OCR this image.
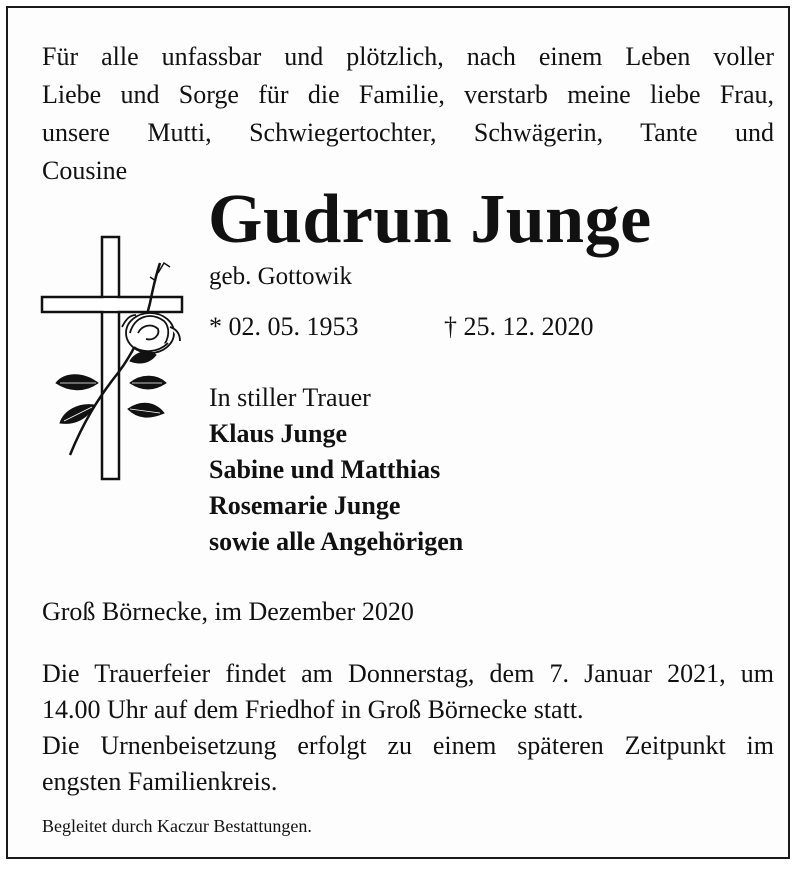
Für alle unfassbar und plötzlich, nach einem Leben voller
Liebe und Sorge für die Familie, verstarb meine liebe Frau,
unsere Mutti, Schwiegertochter, Schwägerin, Tante und
Cousine
Gudrun Junge
geb. Gottowik
* 02. 05. 1953	† 25. 12. 2020
In stiller Trauer
Klaus Junge
Sabine und Matthias
Rosemarie Junge
sowie alle Angehörigen
Groß Börnecke, im Dezember 2020
Die Trauerfeier findet am Donnerstag, dem 7. Januar 2021, um
14.00 Uhr auf dem Friedhof in Groß Börnecke statt.
Die Urnenbeisetzung erfolgt zu einem späteren Zeitpunkt im
engsten Familienkreis.
Begleitet durch Kaczur Bestattungen.
